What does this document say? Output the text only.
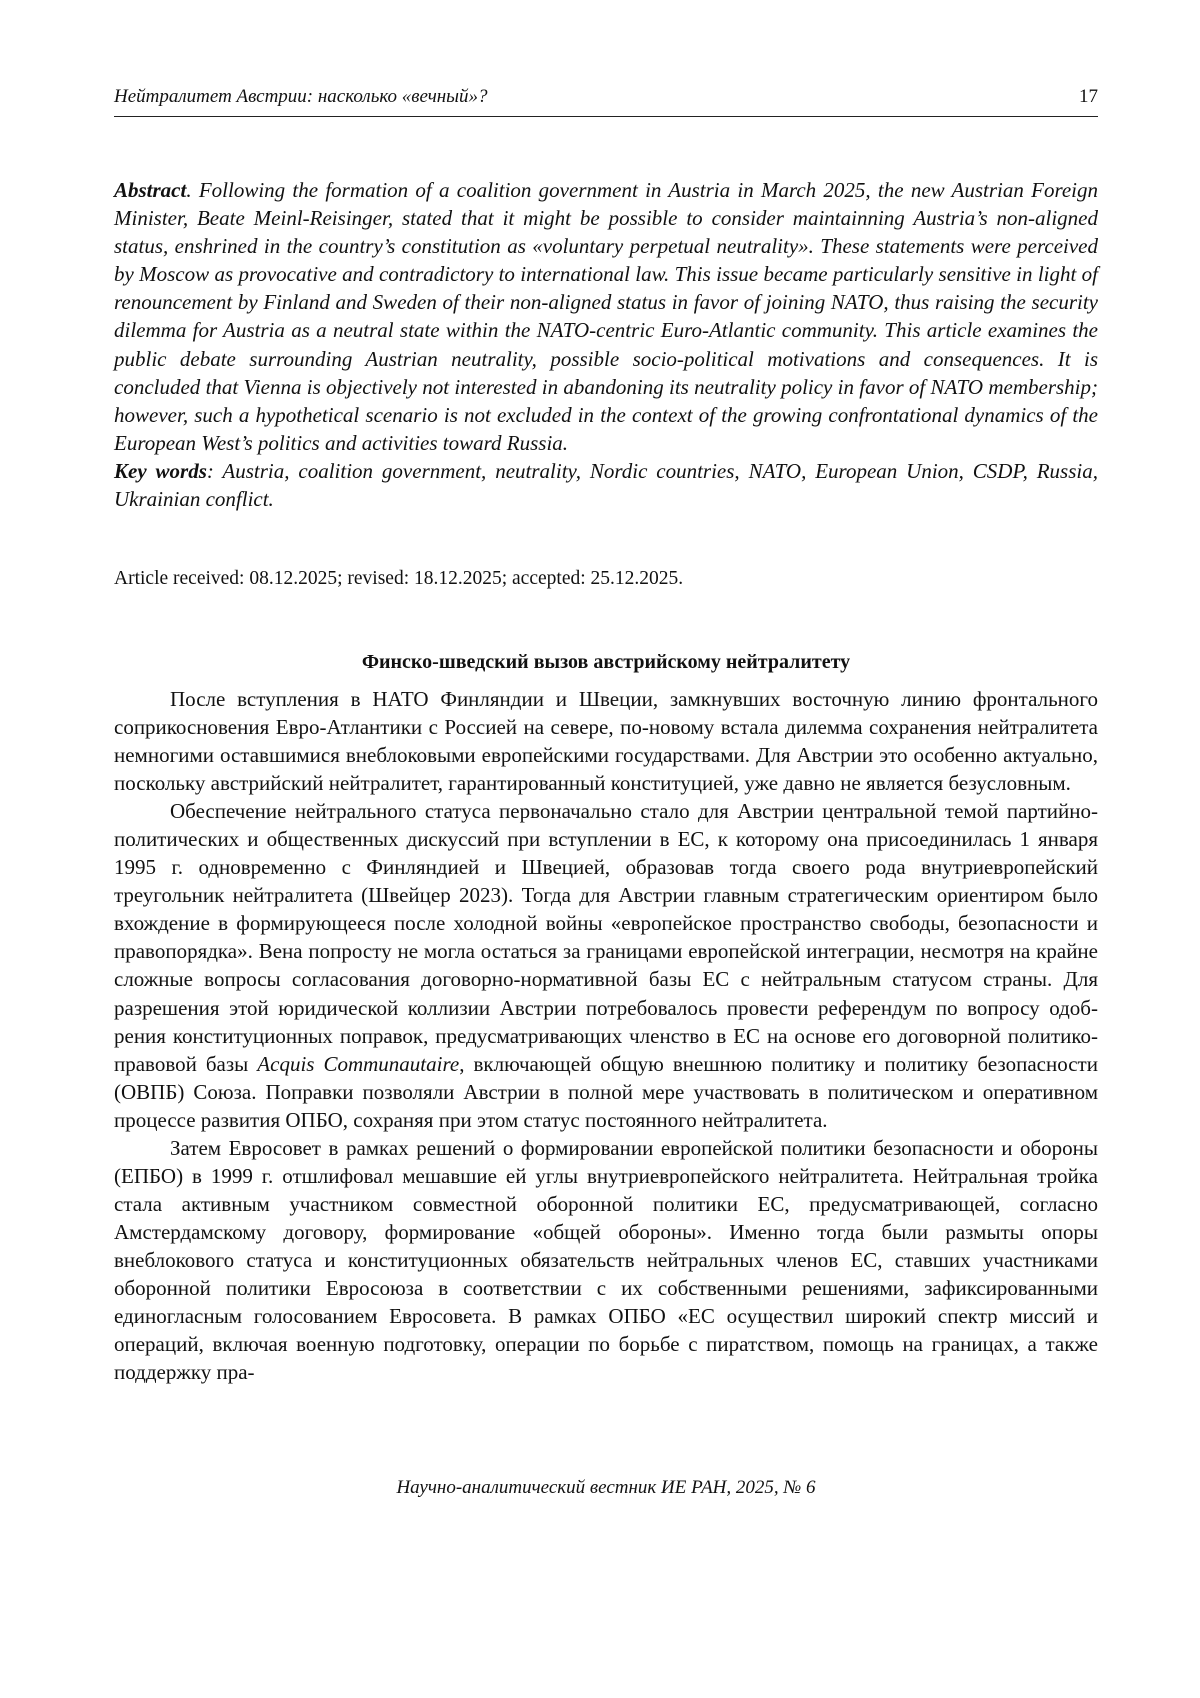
Нейтралитет Австрии: насколько «вечный»?	17

Abstract. Following the formation of a coalition government in Austria in March 2025, the new Austrian Foreign Minister, Beate Meinl-Reisinger, stated that it might be possible to consider maintainning Austria’s non-aligned status, enshrined in the country’s constitution as «voluntary perpetual neutrality». These statements were perceived by Moscow as provocative and contradictory to international law. This issue became particularly sensitive in light of renouncement by Finland and Sweden of their non-aligned status in favor of joining NATO, thus raising the security dilemma for Austria as a neutral state within the NATO-centric Euro-Atlantic community. This article examines the public debate surrounding Austrian neutrality, possible socio-political motivations and consequences. It is concluded that Vienna is objectively not interested in abandoning its neutrality policy in favor of NATO membership; however, such a hypothetical scenario is not excluded in the context of the growing confrontational dynamics of the European West’s politics and activities toward Russia.
Key words: Austria, coalition government, neutrality, Nordic countries, NATO, European Union, CSDP, Russia, Ukrainian conflict.

Article received: 08.12.2025; revised: 18.12.2025; accepted: 25.12.2025.

Финско-шведский вызов австрийскому нейтралитету

После вступления в НАТО Финляндии и Швеции, замкнувших восточную линию фронтального соприкосновения Евро-Атлантики с Россией на севере, по-новому встала дилемма сохранения нейтралитета немногими оставшимися внеблоковыми европейскими государствами. Для Австрии это особенно актуально, поскольку австрийский нейтралитет, гарантированный конституцией, уже давно не является безусловным.

Обеспечение нейтрального статуса первоначально стало для Австрии центральной темой партийно-политических и общественных дискуссий при вступлении в ЕС, к которому она присоединилась 1 января 1995 г. одновременно с Финляндией и Швецией, образовав тогда своего рода внутриевропейский треугольник нейтралитета (Швейцер 2023). Тогда для Австрии главным стратегическим ориентиром было вхождение в формирующееся после холодной войны «европейское пространство свободы, безопасности и правопорядка». Вена попросту не могла остаться за границами европейской интеграции, несмотря на крайне сложные вопросы согласования договорно-нормативной базы ЕС с нейтральным статусом страны. Для разрешения этой юридической коллизии Австрии потребовалось провести референдум по вопросу одобрения конституционных поправок, предусматривающих членство в ЕС на основе его договорной политико-правовой базы Acquis Communautaire, включающей общую внешнюю политику и политику безопасности (ОВПБ) Союза. Поправки позволяли Австрии в полной мере участвовать в политическом и оперативном процессе развития ОПБО, сохраняя при этом статус постоянного нейтралитета.

Затем Евросовет в рамках решений о формировании европейской политики безопасности и обороны (ЕПБО) в 1999 г. отшлифовал мешавшие ей углы внутриевропейского нейтралитета. Нейтральная тройка стала активным участником совместной оборонной политики ЕС, предусматривающей, согласно Амстердамскому договору, формирование «общей обороны». Именно тогда были размыты опоры внеблокового статуса и конституционных обязательств нейтральных членов ЕС, ставших участниками оборонной политики Евросоюза в соответствии с их собственными решениями, зафиксированными единогласным голосованием Евросовета. В рамках ОПБО «ЕС осуществил широкий спектр миссий и операций, включая военную подготовку, операции по борьбе с пиратством, помощь на границах, а также поддержку пра-

Научно-аналитический вестник ИЕ РАН, 2025, № 6
